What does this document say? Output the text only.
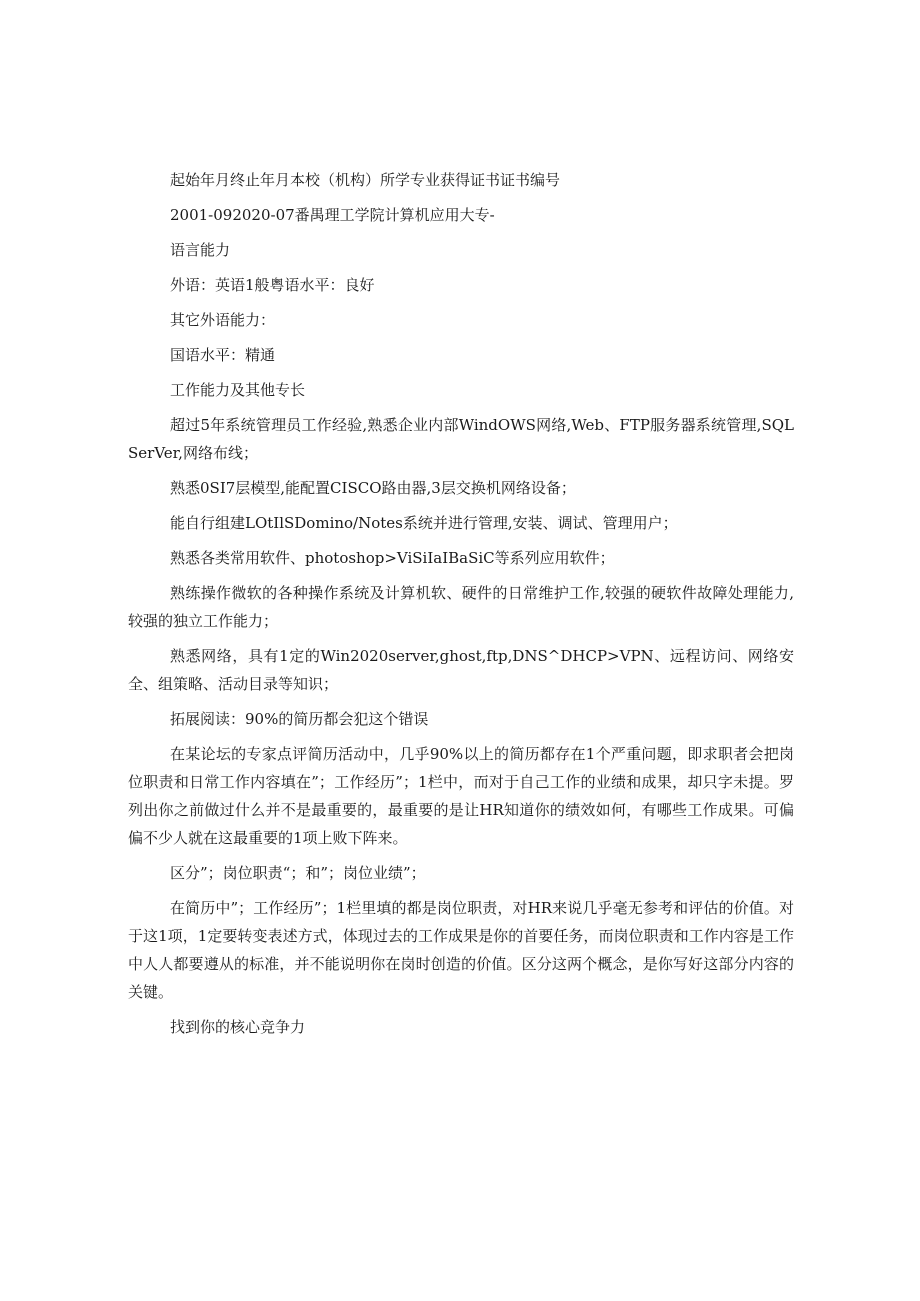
起始年月终止年月本校（机构）所学专业获得证书证书编号

2001-092020-07番禺理工学院计算机应用大专-

语言能力

外语：英语1般粤语水平：良好

其它外语能力：

国语水平：精通

工作能力及其他专长

超过5年系统管理员工作经验,熟悉企业内部WindOWS网络,Web、FTP服务器系统管理,SQLSerVer,网络布线；

熟悉0SI7层模型,能配置CISCO路由器,3层交换机网络设备；

能自行组建LOtIlSDomino/Notes系统并进行管理,安装、调试、管理用户；

熟悉各类常用软件、photoshop>ViSiIaIBaSiC等系列应用软件；

熟练操作微软的各种操作系统及计算机软、硬件的日常维护工作,较强的硬软件故障处理能力,较强的独立工作能力；

熟悉网络，具有1定的Win2020server,ghost,ftp,DNS^DHCP>VPN、远程访问、网络安全、组策略、活动目录等知识；

拓展阅读：90%的简历都会犯这个错误

在某论坛的专家点评简历活动中，几乎90%以上的简历都存在1个严重问题，即求职者会把岗位职责和日常工作内容填在”；工作经历”；1栏中，而对于自己工作的业绩和成果，却只字未提。罗列出你之前做过什么并不是最重要的，最重要的是让HR知道你的绩效如何，有哪些工作成果。可偏偏不少人就在这最重要的1项上败下阵来。

区分”；岗位职责“；和”；岗位业绩”；

在简历中”；工作经历”；1栏里填的都是岗位职责，对HR来说几乎毫无参考和评估的价值。对于这1项，1定要转变表述方式，体现过去的工作成果是你的首要任务，而岗位职责和工作内容是工作中人人都要遵从的标准，并不能说明你在岗时创造的价值。区分这两个概念，是你写好这部分内容的关键。

找到你的核心竞争力
